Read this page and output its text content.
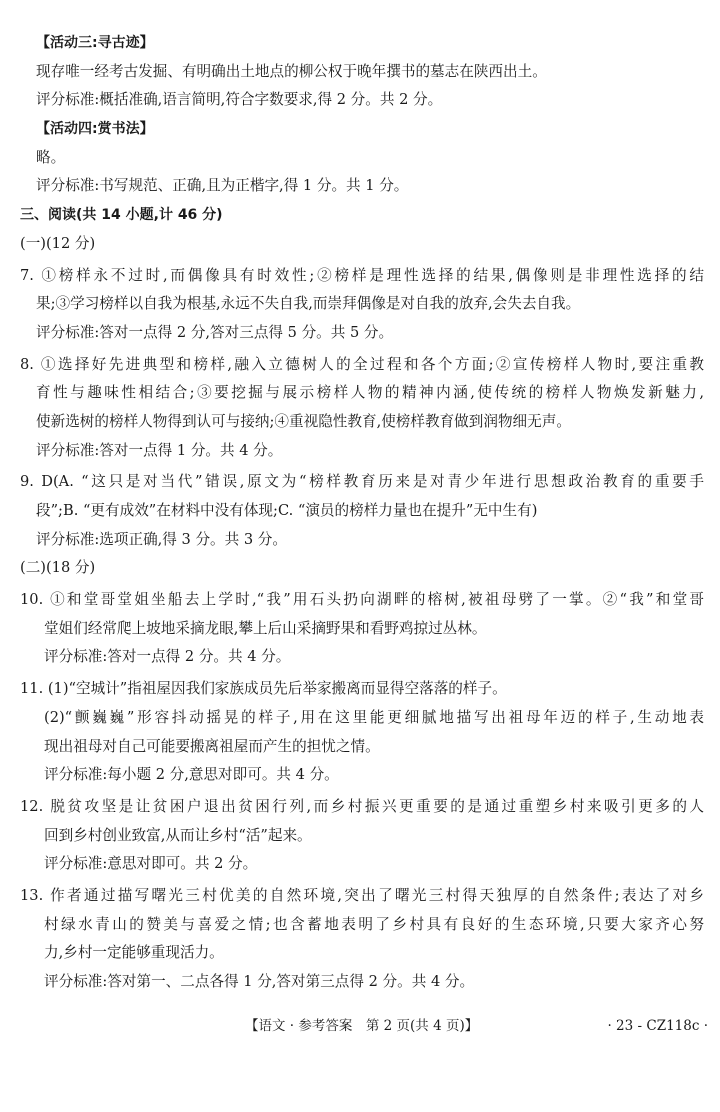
【活动三:寻古迹】
现存唯一经考古发掘、有明确出土地点的柳公权于晚年撰书的墓志在陕西出土。
评分标准:概括准确,语言简明,符合字数要求,得 2 分。共 2 分。
【活动四:赏书法】
略。
评分标准:书写规范、正确,且为正楷字,得 1 分。共 1 分。
三、阅读(共 14 小题,计 46 分)
(一)(12 分)
7. ①榜样永不过时,而偶像具有时效性;②榜样是理性选择的结果,偶像则是非理性选择的结
果;③学习榜样以自我为根基,永远不失自我,而崇拜偶像是对自我的放弃,会失去自我。
评分标准:答对一点得 2 分,答对三点得 5 分。共 5 分。
8. ①选择好先进典型和榜样,融入立德树人的全过程和各个方面;②宣传榜样人物时,要注重教
育性与趣味性相结合;③要挖掘与展示榜样人物的精神内涵,使传统的榜样人物焕发新魅力,
使新选树的榜样人物得到认可与接纳;④重视隐性教育,使榜样教育做到润物细无声。
评分标准:答对一点得 1 分。共 4 分。
9. D(A. “这只是对当代”错误,原文为“榜样教育历来是对青少年进行思想政治教育的重要手
段”;B. “更有成效”在材料中没有体现;C. “演员的榜样力量也在提升”无中生有)
评分标准:选项正确,得 3 分。共 3 分。
(二)(18 分)
10. ①和堂哥堂姐坐船去上学时,“我”用石头扔向湖畔的榕树,被祖母劈了一掌。②“我”和堂哥
堂姐们经常爬上坡地采摘龙眼,攀上后山采摘野果和看野鸡掠过丛林。
评分标准:答对一点得 2 分。共 4 分。
11. (1)“空城计”指祖屋因我们家族成员先后举家搬离而显得空落落的样子。
(2)“颤巍巍”形容抖动摇晃的样子,用在这里能更细腻地描写出祖母年迈的样子,生动地表
现出祖母对自己可能要搬离祖屋而产生的担忧之情。
评分标准:每小题 2 分,意思对即可。共 4 分。
12. 脱贫攻坚是让贫困户退出贫困行列,而乡村振兴更重要的是通过重塑乡村来吸引更多的人
回到乡村创业致富,从而让乡村“活”起来。
评分标准:意思对即可。共 2 分。
13. 作者通过描写曙光三村优美的自然环境,突出了曙光三村得天独厚的自然条件;表达了对乡
村绿水青山的赞美与喜爱之情;也含蓄地表明了乡村具有良好的生态环境,只要大家齐心努
力,乡村一定能够重现活力。
评分标准:答对第一、二点各得 1 分,答对第三点得 2 分。共 4 分。
【语文 · 参考答案　第 2 页(共 4 页)】	· 23 - CZ118c ·
